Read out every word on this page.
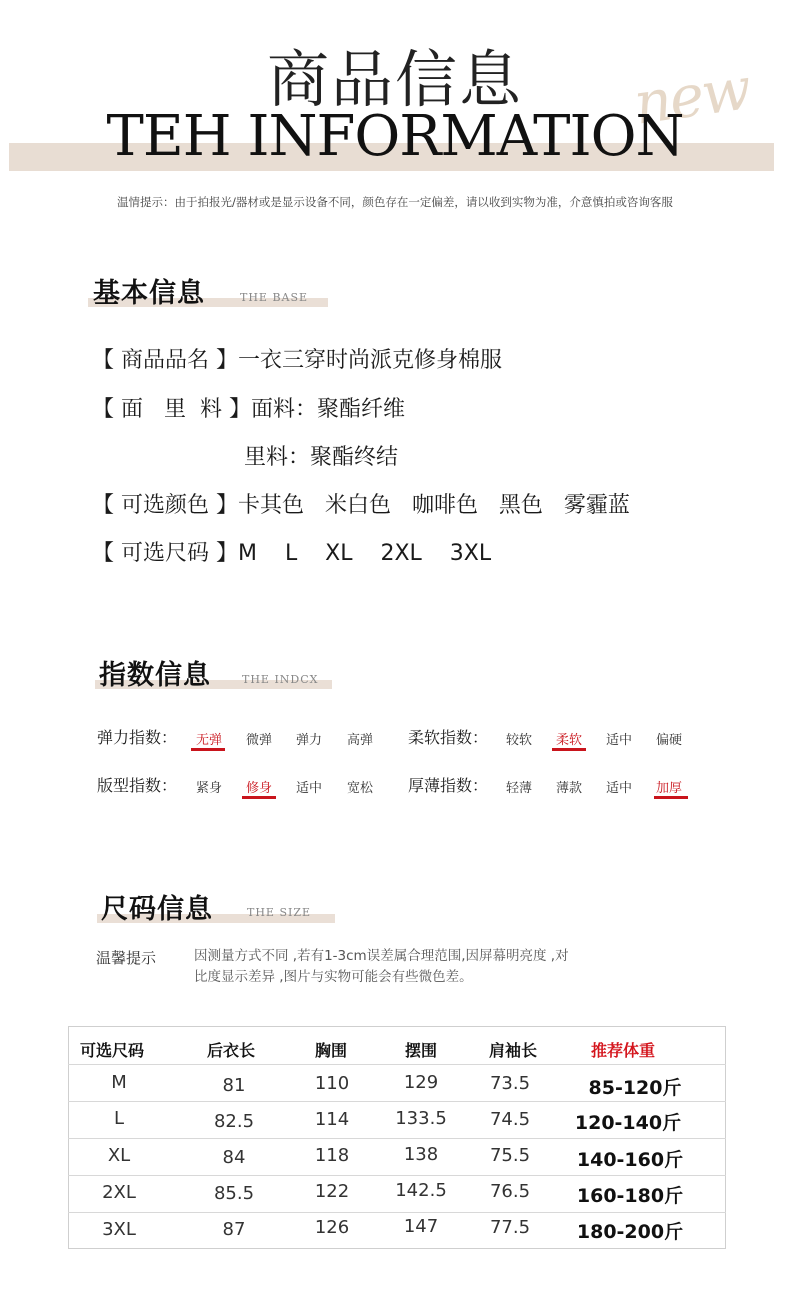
new
商品信息
TEH INFORMATION
温情提示：由于拍报光/器材或是显示设备不同，颜色存在一定偏差，请以收到实物为准，介意慎拍或咨询客服
基本信息	THE BASE
【 商品品名 】一衣三穿时尚派克修身棉服
【 面   里  料 】面料：聚酯纤维
里料：聚酯终结
【 可选颜色 】卡其色   米白色   咖啡色   黑色   雾霾蓝
【 可选尺码 】M    L    XL    2XL    3XL
指数信息	THE INDCX
弹力指数：	无弹	微弹	弹力	高弹	柔软指数：	较软	柔软	适中	偏硬
版型指数：	紧身	修身	适中	宽松	厚薄指数：	轻薄	薄款	适中	加厚
尺码信息	THE SIZE
温馨提示	因测量方式不同 ,若有1-3cm误差属合理范围,因屏幕明亮度 ,对
比度显示差异 ,图片与实物可能会有些微色差。
可选尺码	后衣长	胸围	摆围	肩袖长	推荐体重
M	81	110	129	73.5	85-120斤
L	82.5	114	133.5	74.5	120-140斤
XL	84	118	138	75.5	140-160斤
2XL	85.5	122	142.5	76.5	160-180斤
3XL	87	126	147	77.5	180-200斤
